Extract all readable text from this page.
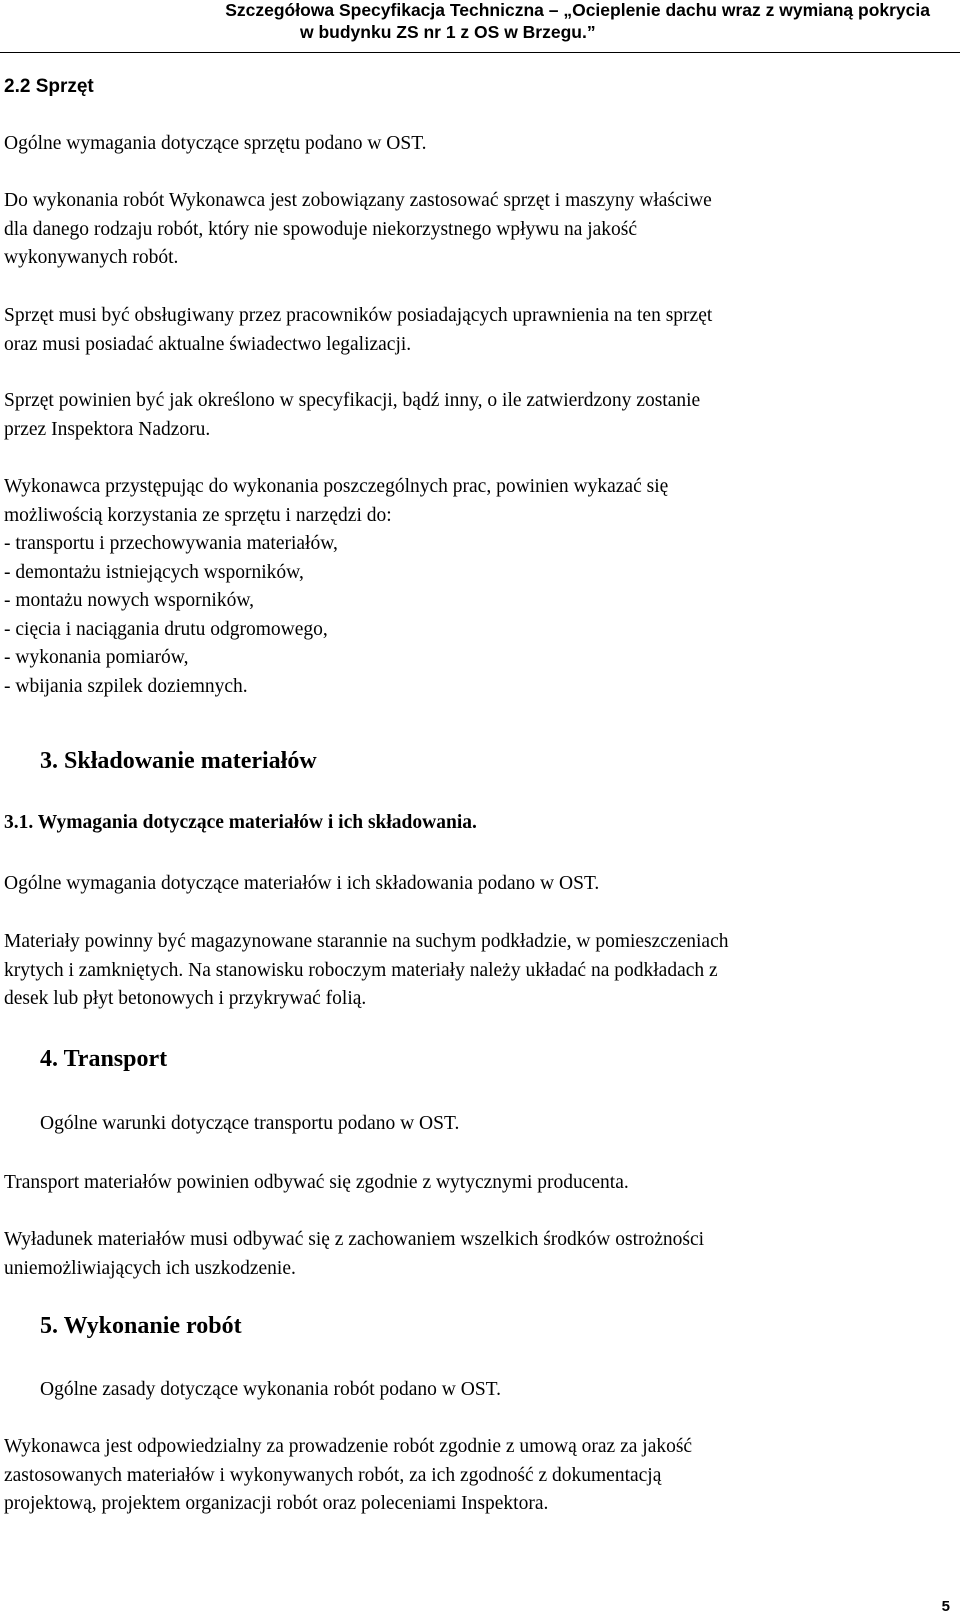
Szczegółowa Specyfikacja Techniczna – „Ocieplenie dachu wraz z wymianą pokrycia
w budynku ZS nr 1 z OS w Brzegu.”
2.2 Sprzęt

Ogólne wymagania dotyczące sprzętu podano w OST.

Do wykonania robót Wykonawca jest zobowiązany zastosować sprzęt i maszyny właściwe
dla danego rodzaju robót, który nie spowoduje niekorzystnego wpływu na jakość
wykonywanych robót.

Sprzęt musi być obsługiwany przez pracowników posiadających uprawnienia na ten sprzęt
oraz musi posiadać aktualne świadectwo legalizacji.

Sprzęt powinien być jak określono w specyfikacji, bądź inny, o ile zatwierdzony zostanie
przez Inspektora Nadzoru.

Wykonawca przystępując do wykonania poszczególnych prac, powinien wykazać się
możliwością korzystania ze sprzętu i narzędzi do:
- transportu i przechowywania materiałów,
- demontażu istniejących wsporników,
- montażu nowych wsporników,
- cięcia i naciągania drutu odgromowego,
- wykonania pomiarów,
- wbijania szpilek doziemnych.

3. Składowanie materiałów
3.1. Wymagania dotyczące materiałów i ich składowania.

Ogólne wymagania dotyczące materiałów i ich składowania podano w OST.

Materiały powinny być magazynowane starannie na suchym podkładzie, w pomieszczeniach
krytych i zamkniętych. Na stanowisku roboczym materiały należy układać na podkładach z
desek lub płyt betonowych i przykrywać folią.

4. Transport

Ogólne warunki dotyczące transportu podano w OST.

Transport materiałów powinien odbywać się zgodnie z wytycznymi producenta.

Wyładunek materiałów musi odbywać się z zachowaniem wszelkich środków ostrożności
uniemożliwiających ich uszkodzenie.

5. Wykonanie robót

Ogólne zasady dotyczące wykonania robót podano w OST.

Wykonawca jest odpowiedzialny za prowadzenie robót zgodnie z umową oraz za jakość
zastosowanych materiałów i wykonywanych robót, za ich zgodność z dokumentacją
projektową, projektem organizacji robót oraz poleceniami Inspektora.

5
